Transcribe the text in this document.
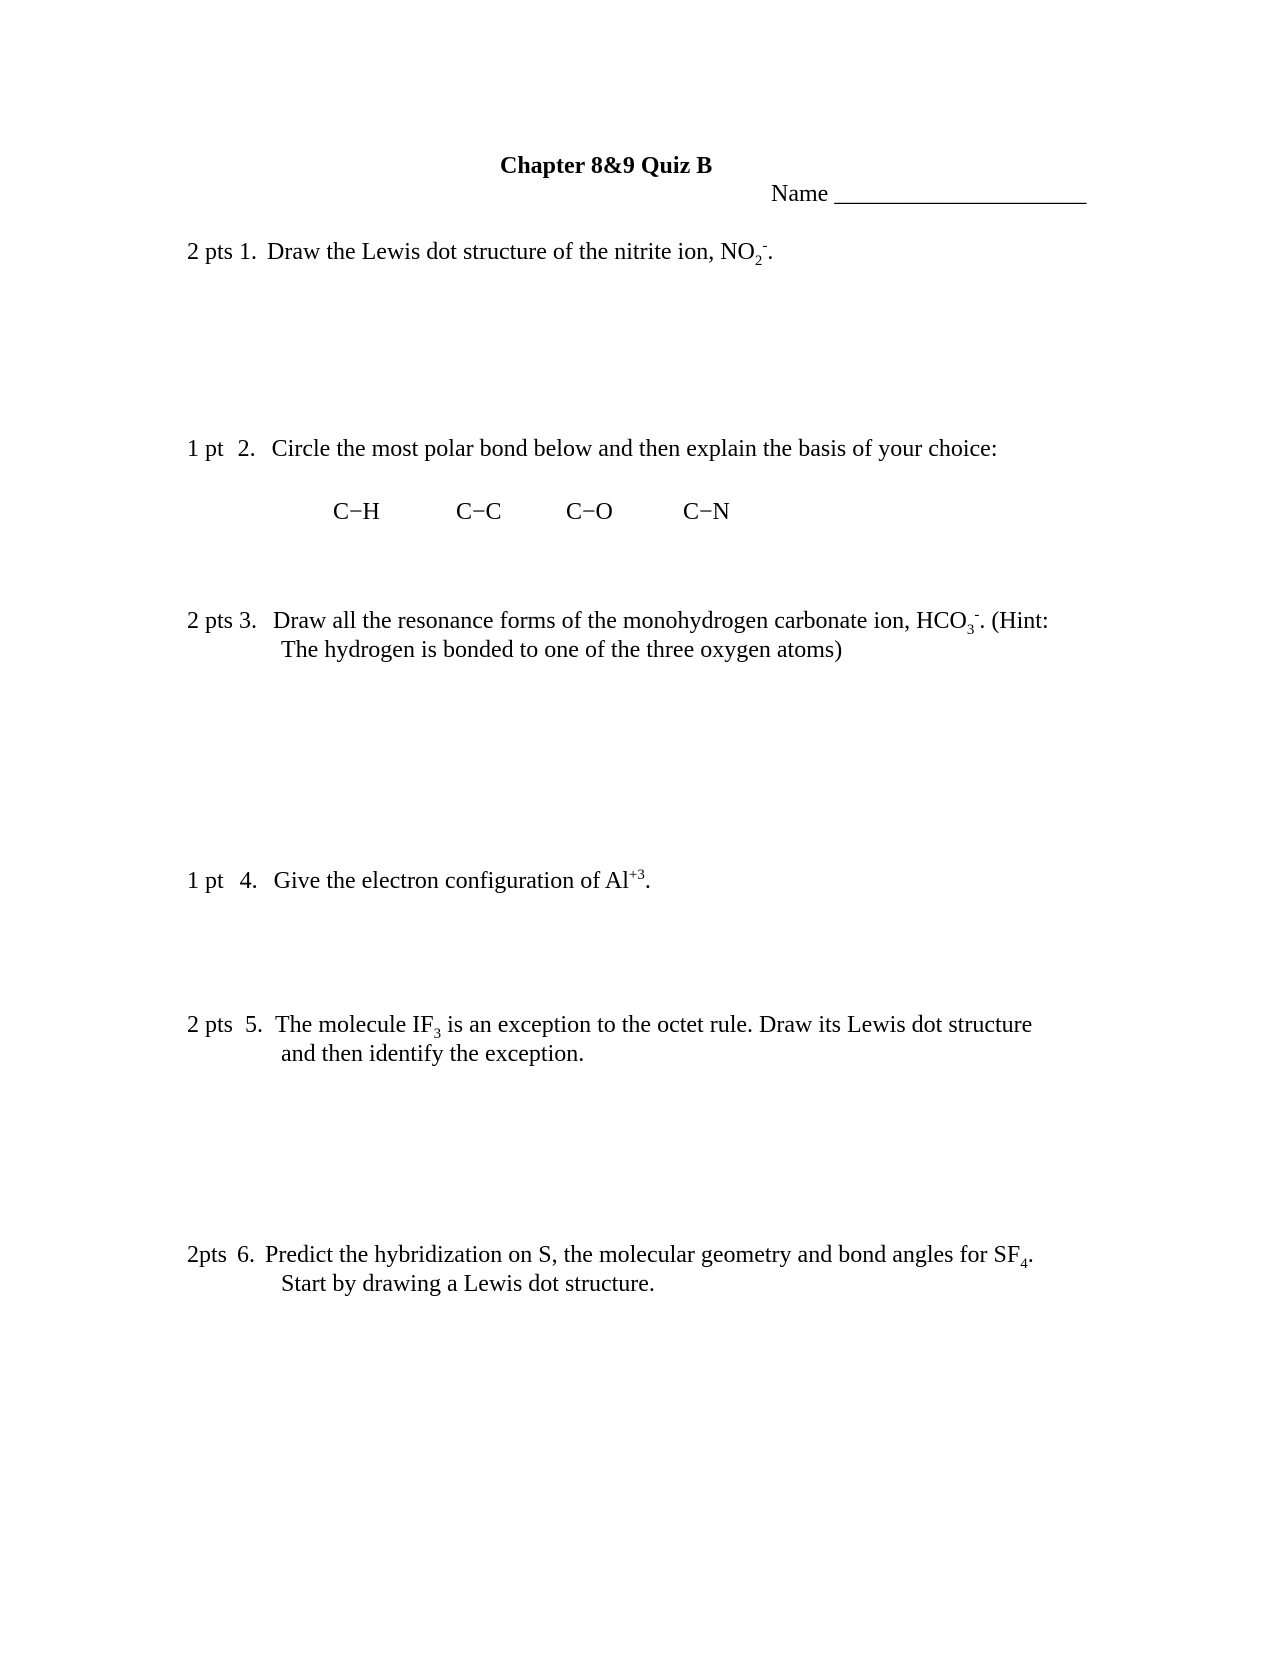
Chapter 8&9 Quiz B
Name _____________________
2 pts 1. Draw the Lewis dot structure of the nitrite ion, $NO_2^-$.
1 pt 2. Circle the most polar bond below and then explain the basis of your choice:
C−H	C−C	C−O	C−N
2 pts 3. Draw all the resonance forms of the monohydrogen carbonate ion, $HCO_3^-$. (Hint:
The hydrogen is bonded to one of the three oxygen atoms)
1 pt 4. Give the electron configuration of $Al^{+3}$.
2 pts 5. The molecule $IF_3$ is an exception to the octet rule. Draw its Lewis dot structure
and then identify the exception.
2pts 6. Predict the hybridization on S, the molecular geometry and bond angles for $SF_4$.
Start by drawing a Lewis dot structure.
